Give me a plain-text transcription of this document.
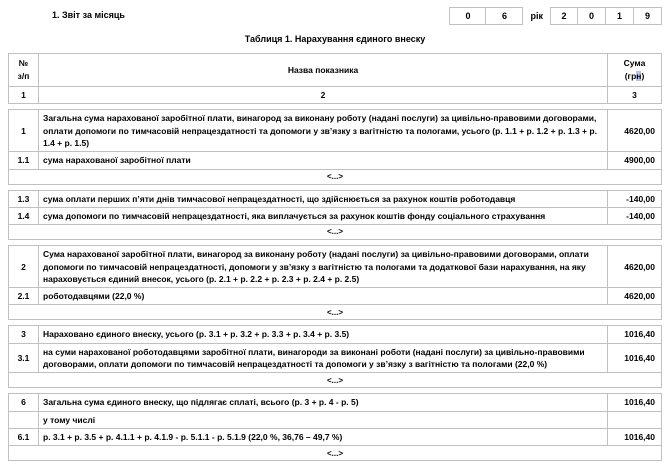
1. Звіт за місяць	0	6	рік	2	0	1	9
Таблиця 1. Нарахування єдиного внеску
№
з/п	Назва показника	Сума
(грн)
1	2	3
1	Загальна сума нарахованої заробітної плати, винагород за виконану роботу (надані послуги) за цивільно-правовими договорами, оплати допомоги по тимчасовій непрацездатності та допомоги у зв’язку з вагітністю та пологами, усього (р. 1.1 + р. 1.2 + р. 1.3 + р. 1.4 + р. 1.5)	4620,00
1.1	сума нарахованої заробітної плати	4900,00
<...>		
1.3	сума оплати перших п’яти днів тимчасової непрацездатності, що здійснюється за рахунок коштів роботодавця	-140,00
1.4	сума допомоги по тимчасовій непрацездатності, яка виплачується за рахунок коштів фонду соціального страхування	-140,00
<...>		
2	Сума нарахованої заробітної плати, винагород за виконану роботу (надані послуги) за цивільно-правовими договорами, оплати допомоги по тимчасовій непрацездатності, допомоги у зв’язку з вагітністю та пологами та додаткової бази нарахування, на яку нараховується єдиний внесок, усього (р. 2.1 + р. 2.2 + р. 2.3 + р. 2.4 + р. 2.5)	4620,00
2.1	роботодавцями (22,0 %)	4620,00
<...>		
3	Нараховано єдиного внеску, усього (р. 3.1 + р. 3.2 + р. 3.3 + р. 3.4 + р. 3.5)	1016,40
3.1	на суми нарахованої роботодавцями заробітної плати, винагороди за виконані роботи (надані послуги) за цивільно-правовими договорами, оплати допомоги по тимчасовій непрацездатності та допомоги у зв’язку з вагітністю та пологами (22,0 %)	1016,40
<...>		
6	Загальна сума єдиного внеску, що підлягає сплаті, всього (р. 3 + р. 4 - р. 5)	1016,40
	у тому числі	
6.1	р. 3.1 + р. 3.5 + р. 4.1.1 + р. 4.1.9 - р. 5.1.1 - р. 5.1.9 (22,0 %, 36,76 – 49,7 %)	1016,40
<...>		
